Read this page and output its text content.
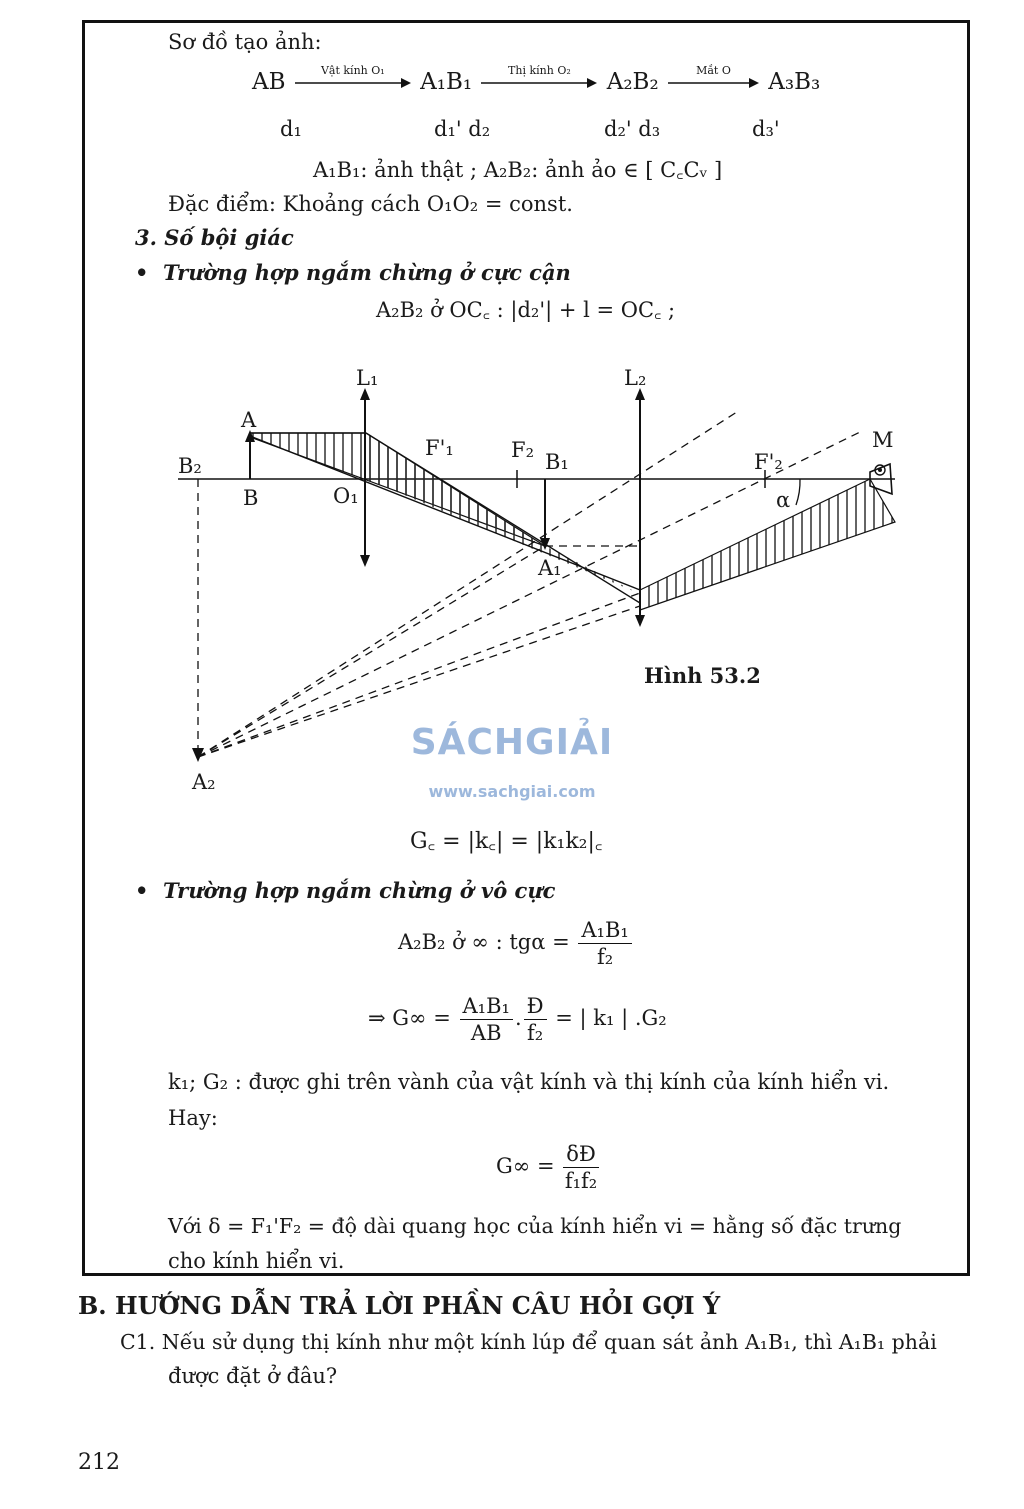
Sơ đồ tạo ảnh:
AB	Vật kính O₁	A₁B₁	Thị kính O₂	A₂B₂	Mắt O	A₃B₃
d₁	d₁' d₂	d₂' d₃	d₃'
A₁B₁: ảnh thật ; A₂B₂: ảnh ảo ∈ [ C꜀Cᵥ ]
Đặc điểm: Khoảng cách O₁O₂ = const.
3. Số bội giác
•  Trường hợp ngắm chừng ở cực cận
A₂B₂ ở OC꜀ : |d₂'| + l = OC꜀ ;
L₁	L₂
A
B
B₂
O₁
F'₁	F₂ B₁
A₁
F'₂
α
M
A₂
Hình 53.2
SÁCHGIẢI
www.sachgiai.com
G꜀ = |k꜀| = |k₁k₂|꜀
•  Trường hợp ngắm chừng ở vô cực
A₂B₂ ở ∞ : $tg\alpha = \frac{\text{A₁B₁}}{\text{f₂}}$
⇒ $G\infty = \frac{\text{A₁B₁}}{AB}$ . $\frac{Đ}{\text{f₂}}$ = | k₁ | .G₂
k₁; G₂ : được ghi trên vành của vật kính và thị kính của kính hiển vi.
Hay:
$G\infty = \frac{\delta Đ}{\text{f₁f₂}}$
Với δ = F₁'F₂ = độ dài quang học của kính hiển vi = hằng số đặc trưng
cho kính hiển vi.
B. HƯỚNG DẪN TRẢ LỜI PHẦN CÂU HỎI GỢI Ý
C1. Nếu sử dụng thị kính như một kính lúp để quan sát ảnh A₁B₁, thì A₁B₁ phải
được đặt ở đâu?
212
